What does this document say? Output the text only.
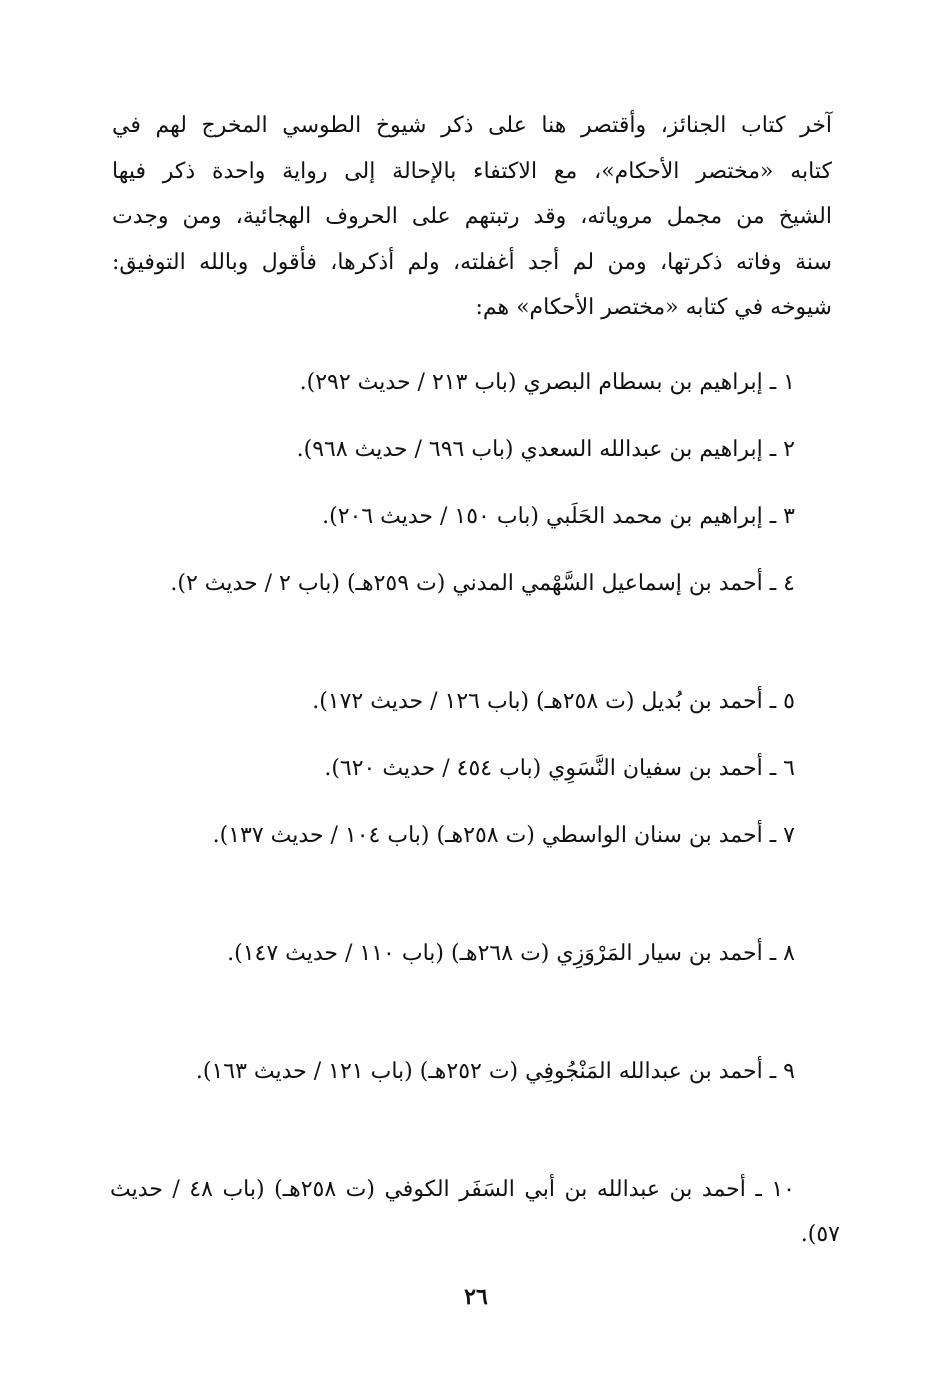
آخر كتاب الجنائز، وأقتصر هنا على ذكر شيوخ الطوسي المخرج لهم في
كتابه «مختصر الأحكام»، مع الاكتفاء بالإحالة إلى رواية واحدة ذكر فيها
الشيخ من مجمل مروياته، وقد رتبتهم على الحروف الهجائية، ومن وجدت
سنة وفاته ذكرتها، ومن لم أجد أغفلته، ولم أذكرها، فأقول وبالله التوفيق:
شيوخه في كتابه «مختصر الأحكام» هم:
١ ـ إبراهيم بن بسطام البصري (باب ٢١٣ / حديث ٢٩٢).
٢ ـ إبراهيم بن عبدالله السعدي (باب ٦٩٦ / حديث ٩٦٨).
٣ ـ إبراهيم بن محمد الحَلَبي (باب ١٥٠ / حديث ٢٠٦).
٤ ـ أحمد بن إسماعيل السَّهْمي المدني (ت ٢٥٩هـ) (باب ٢ / حديث ٢).
٥ ـ أحمد بن بُديل (ت ٢٥٨هـ) (باب ١٢٦ / حديث ١٧٢).
٦ ـ أحمد بن سفيان النَّسَوِي (باب ٤٥٤ / حديث ٦٢٠).
٧ ـ أحمد بن سنان الواسطي (ت ٢٥٨هـ) (باب ١٠٤ / حديث ١٣٧).
٨ ـ أحمد بن سيار المَرْوَزِي (ت ٢٦٨هـ) (باب ١١٠ / حديث ١٤٧).
٩ ـ أحمد بن عبدالله المَنْجُوفِي (ت ٢٥٢هـ) (باب ١٢١ / حديث ١٦٣).
١٠ ـ أحمد بن عبدالله بن أبي السَفَر الكوفي (ت ٢٥٨هـ) (باب ٤٨ / حديث ٥٧).
٢٦
